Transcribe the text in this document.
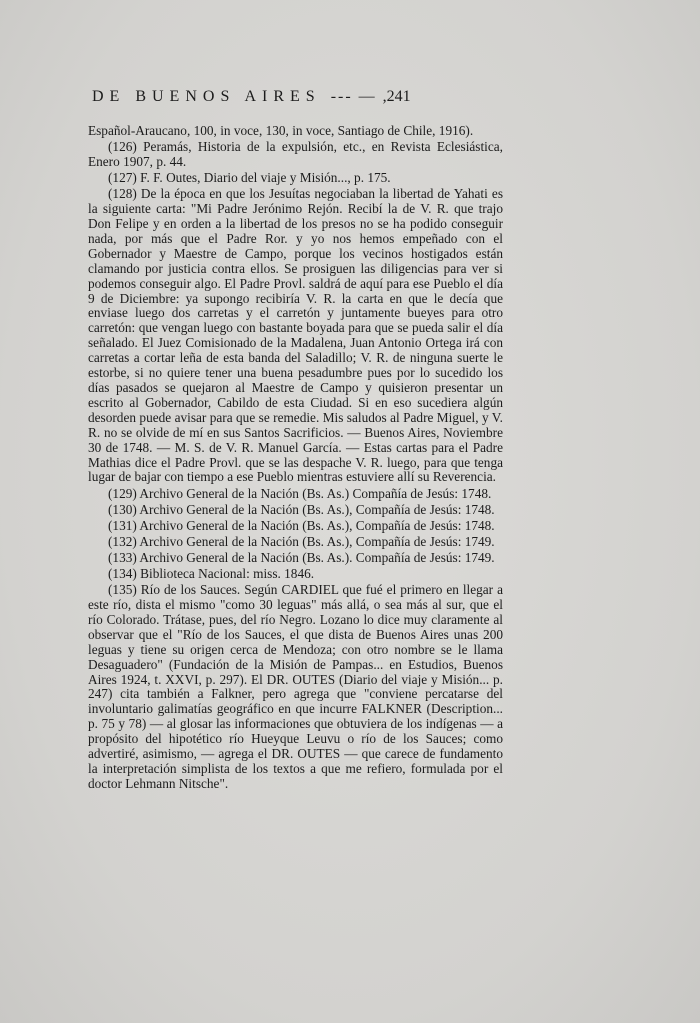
DE BUENOS AIRES --- — ,241

Español-Araucano, 100, in voce, 130, in voce, Santiago de Chile, 1916).

(126) Peramás, Historia de la expulsión, etc., en Revista Eclesiástica, Enero 1907, p. 44.

(127) F. F. Outes, Diario del viaje y Misión..., p. 175.

(128) De la época en que los Jesuítas negociaban la libertad de Yahati es la siguiente carta: "Mi Padre Jerónimo Rejón. Recibí la de V. R. que trajo Don Felipe y en orden a la libertad de los presos no se ha podido conseguir nada, por más que el Padre Ror. y yo nos hemos empeñado con el Gobernador y Maestre de Campo, porque los vecinos hostigados están clamando por justicia contra ellos. Se prosiguen las diligencias para ver si podemos conseguir algo. El Padre Provl. saldrá de aquí para ese Pueblo el día 9 de Diciembre: ya supongo recibiría V. R. la carta en que le decía que enviase luego dos carretas y el carretón y juntamente bueyes para otro carretón: que vengan luego con bastante boyada para que se pueda salir el día señalado. El Juez Comisionado de la Madalena, Juan Antonio Ortega irá con carretas a cortar leña de esta banda del Saladillo; V. R. de ninguna suerte le estorbe, si no quiere tener una buena pesadumbre pues por lo sucedido los días pasados se quejaron al Maestre de Campo y quisieron presentar un escrito al Gobernador, Cabildo de esta Ciudad. Si en eso sucediera algún desorden puede avisar para que se remedie. Mis saludos al Padre Miguel, y V. R. no se olvide de mí en sus Santos Sacrificios. — Buenos Aires, Noviembre 30 de 1748. — M. S. de V. R. Manuel García. — Estas cartas para el Padre Mathias dice el Padre Provl. que se las despache V. R. luego, para que tenga lugar de bajar con tiempo a ese Pueblo mientras estuviere allí su Reverencia.

(129) Archivo General de la Nación (Bs. As.) Compañía de Jesús: 1748.

(130) Archivo General de la Nación (Bs. As.), Compañía de Jesús: 1748.

(131) Archivo General de la Nación (Bs. As.), Compañía de Jesús: 1748.

(132) Archivo General de la Nación (Bs. As.), Compañía de Jesús: 1749.

(133) Archivo General de la Nación (Bs. As.). Compañía de Jesús: 1749.

(134) Biblioteca Nacional: miss. 1846.

(135) Río de los Sauces. Según CARDIEL que fué el primero en llegar a este río, dista el mismo "como 30 leguas" más allá, o sea más al sur, que el río Colorado. Trátase, pues, del río Negro. Lozano lo dice muy claramente al observar que el "Río de los Sauces, el que dista de Buenos Aires unas 200 leguas y tiene su origen cerca de Mendoza; con otro nombre se le llama Desaguadero" (Fundación de la Misión de Pampas... en Estudios, Buenos Aires 1924, t. XXVI, p. 297). El DR. OUTES (Diario del viaje y Misión... p. 247) cita también a Falkner, pero agrega que "conviene percatarse del involuntario galimatías geográfico en que incurre FALKNER (Description... p. 75 y 78) — al glosar las informaciones que obtuviera de los indígenas — a propósito del hipotético río Hueyque Leuvu o río de los Sauces; como advertiré, asimismo, — agrega el DR. OUTES — que carece de fundamento la interpretación simplista de los textos a que me refiero, formulada por el doctor Lehmann Nitsche".
